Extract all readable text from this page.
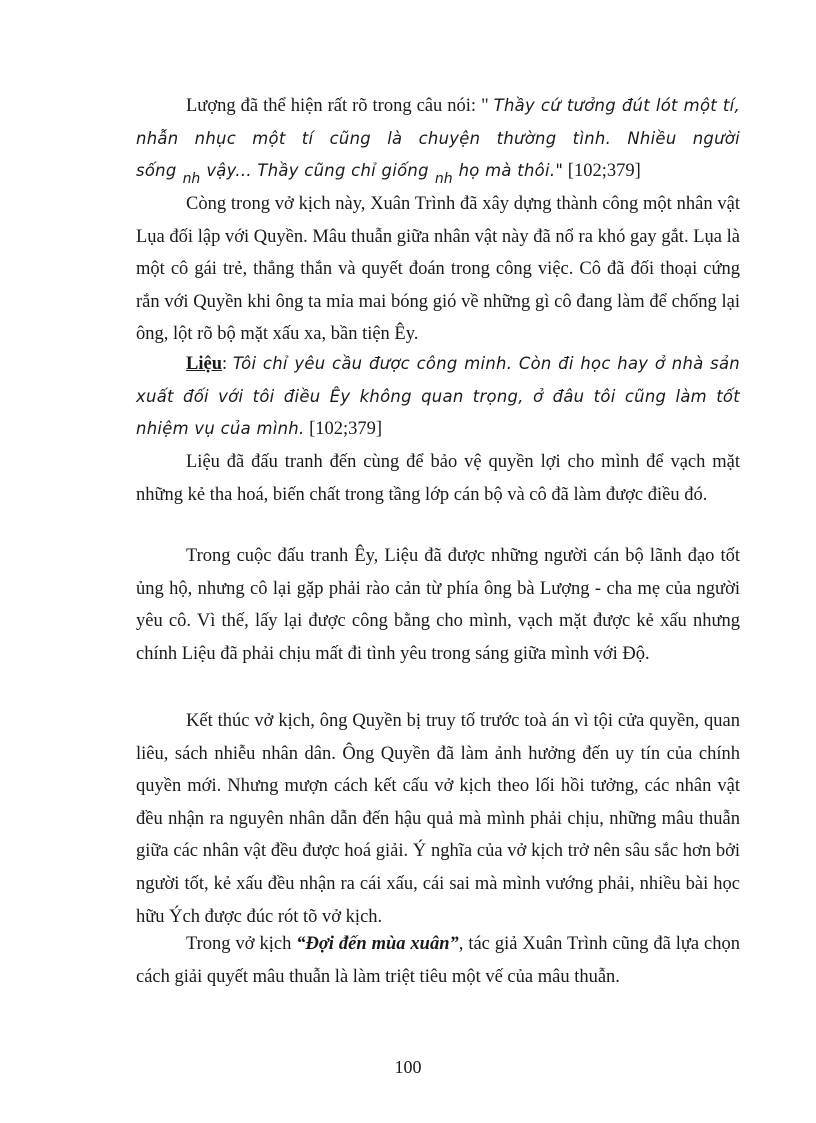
Lượng đã thể hiện rất rõ trong câu nói: " Thầy cứ tưởng đút lót một tí, nhẫn nhục một tí cũng là chuyện thường tình. Nhiều người sống $_{nh}$ vậy... Thầy cũng chỉ giống $_{nh}$ họ mà thôi." [102;379]

Còng trong vở kịch này, Xuân Trình đã xây dựng thành công một nhân vật Lụa đối lập với Quyền. Mâu thuẫn giữa nhân vật này đã nổ ra khó gay gắt. Lụa là một cô gái trẻ, thẳng thắn và quyết đoán trong công việc. Cô đã đối thoại cứng rắn với Quyền khi ông ta mỉa mai bóng gió về những gì cô đang làm để chống lại ông, lột rõ bộ mặt xấu xa, bần tiện Êy.

Liệu: Tôi chỉ yêu cầu được công minh. Còn đi học hay ở nhà sản xuất đối với tôi điều Êy không quan trọng, ở đâu tôi cũng làm tốt nhiệm vụ của mình. [102;379]

Liệu đã đấu tranh đến cùng để bảo vệ quyền lợi cho mình để vạch mặt những kẻ tha hoá, biến chất trong tầng lớp cán bộ và cô đã làm được điều đó.

Trong cuộc đấu tranh Êy, Liệu đã được những người cán bộ lãnh đạo tốt ủng hộ, nhưng cô lại gặp phải rào cản từ phía ông bà Lượng - cha mẹ của người yêu cô. Vì thế, lấy lại được công bằng cho mình, vạch mặt được kẻ xấu nhưng chính Liệu đã phải chịu mất đi tình yêu trong sáng giữa mình với Độ.

Kết thúc vở kịch, ông Quyền bị truy tố trước toà án vì tội cửa quyền, quan liêu, sách nhiễu nhân dân. Ông Quyền đã làm ảnh hưởng đến uy tín của chính quyền mới. Nhưng mượn cách kết cấu vở kịch theo lối hồi tưởng, các nhân vật đều nhận ra nguyên nhân dẫn đến hậu quả mà mình phải chịu, những mâu thuẫn giữa các nhân vật đều được hoá giải. Ý nghĩa của vở kịch trở nên sâu sắc hơn bởi người tốt, kẻ xấu đều nhận ra cái xấu, cái sai mà mình vướng phải, nhiều bài học hữu Ých được đúc rót tõ vở kịch.

Trong vở kịch “Đợi đến mùa xuân”, tác giả Xuân Trình cũng đã lựa chọn cách giải quyết mâu thuẫn là làm triệt tiêu một vế của mâu thuẫn.

100
